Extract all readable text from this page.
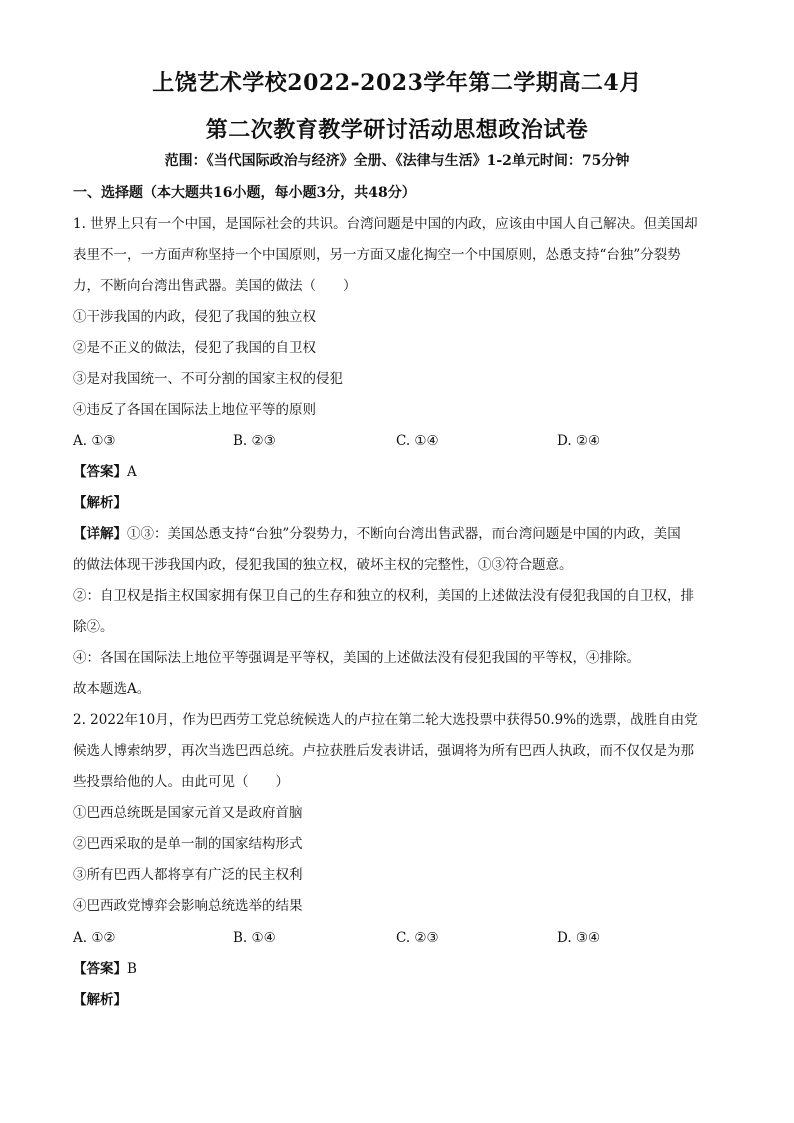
上饶艺术学校2022-2023学年第二学期高二4月
第二次教育教学研讨活动思想政治试卷
范围：《当代国际政治与经济》全册、《法律与生活》1-2单元时间：75分钟
一、选择题（本大题共16小题，每小题3分，共48分）
1. 世界上只有一个中国，是国际社会的共识。台湾问题是中国的内政，应该由中国人自己解决。但美国却
表里不一，一方面声称坚持一个中国原则，另一方面又虚化掏空一个中国原则，怂恿支持“台独”分裂势
力，不断向台湾出售武器。美国的做法（　　）
①干涉我国的内政，侵犯了我国的独立权
②是不正义的做法，侵犯了我国的自卫权
③是对我国统一、不可分割的国家主权的侵犯
④违反了各国在国际法上地位平等的原则
A. ①③	B. ②③	C. ①④	D. ②④
【答案】A
【解析】
【详解】①③：美国怂恿支持“台独”分裂势力，不断向台湾出售武器，而台湾问题是中国的内政，美国
的做法体现干涉我国内政，侵犯我国的独立权，破坏主权的完整性，①③符合题意。
②：自卫权是指主权国家拥有保卫自己的生存和独立的权利，美国的上述做法没有侵犯我国的自卫权，排
除②。
④：各国在国际法上地位平等强调是平等权，美国的上述做法没有侵犯我国的平等权，④排除。
故本题选A。
2. 2022年10月，作为巴西劳工党总统候选人的卢拉在第二轮大选投票中获得50.9%的选票，战胜自由党
候选人博索纳罗，再次当选巴西总统。卢拉获胜后发表讲话，强调将为所有巴西人执政，而不仅仅是为那
些投票给他的人。由此可见（　　）
①巴西总统既是国家元首又是政府首脑
②巴西采取的是单一制的国家结构形式
③所有巴西人都将享有广泛的民主权利
④巴西政党博弈会影响总统选举的结果
A. ①②	B. ①④	C. ②③	D. ③④
【答案】B
【解析】
